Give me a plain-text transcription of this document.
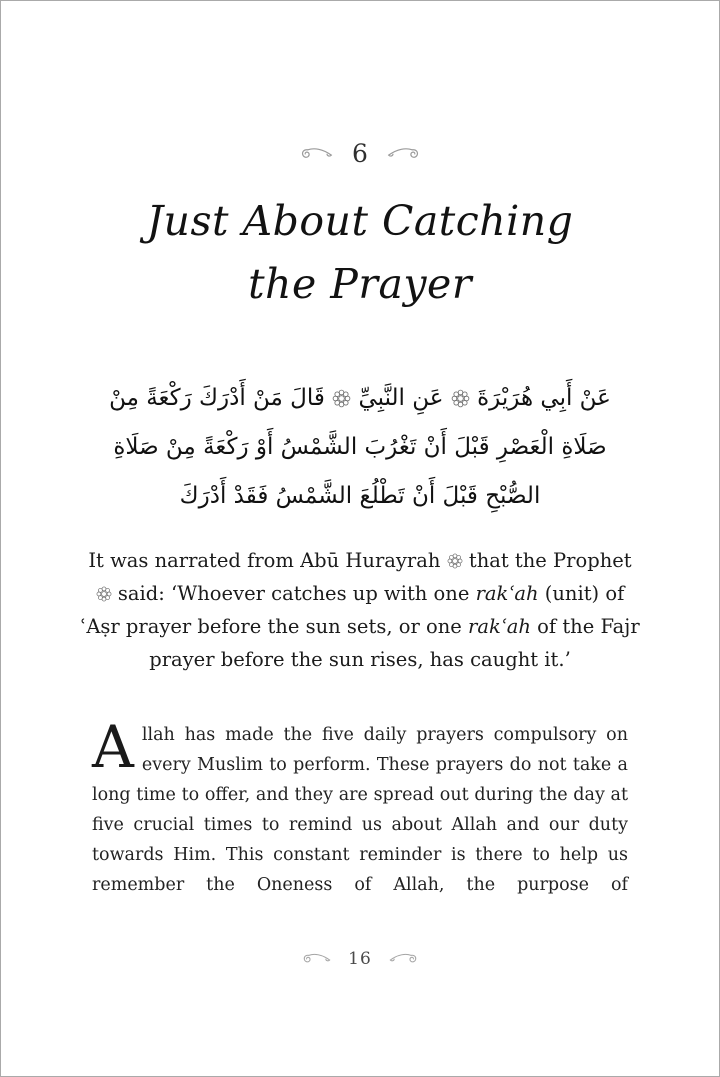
6
Just About Catching
the Prayer
عَنْ أَبِي هُرَيْرَةَ  عَنِ النَّبِيِّ  قَالَ مَنْ أَدْرَكَ رَكْعَةً مِنْ صَلَاةِ الْعَصْرِ قَبْلَ أَنْ تَغْرُبَ الشَّمْسُ أَوْ رَكْعَةً مِنْ صَلَاةِ الصُّبْحِ قَبْلَ أَنْ تَطْلُعَ الشَّمْسُ فَقَدْ أَدْرَكَ
It was narrated from Abū Hurayrah that the Prophet
said: ‘Whoever catches up with one rakʿah (unit) of
ʿAṣr prayer before the sun sets, or one rakʿah of the Fajr
prayer before the sun rises, has caught it.’

Allah has made the five daily prayers compulsory on every Muslim to perform. These prayers do not take a long time to offer, and they are spread out during the day at five crucial times to remind us about Allah and our duty towards Him. This constant reminder is there to help us remember the Oneness of Allah, the purpose of

16
